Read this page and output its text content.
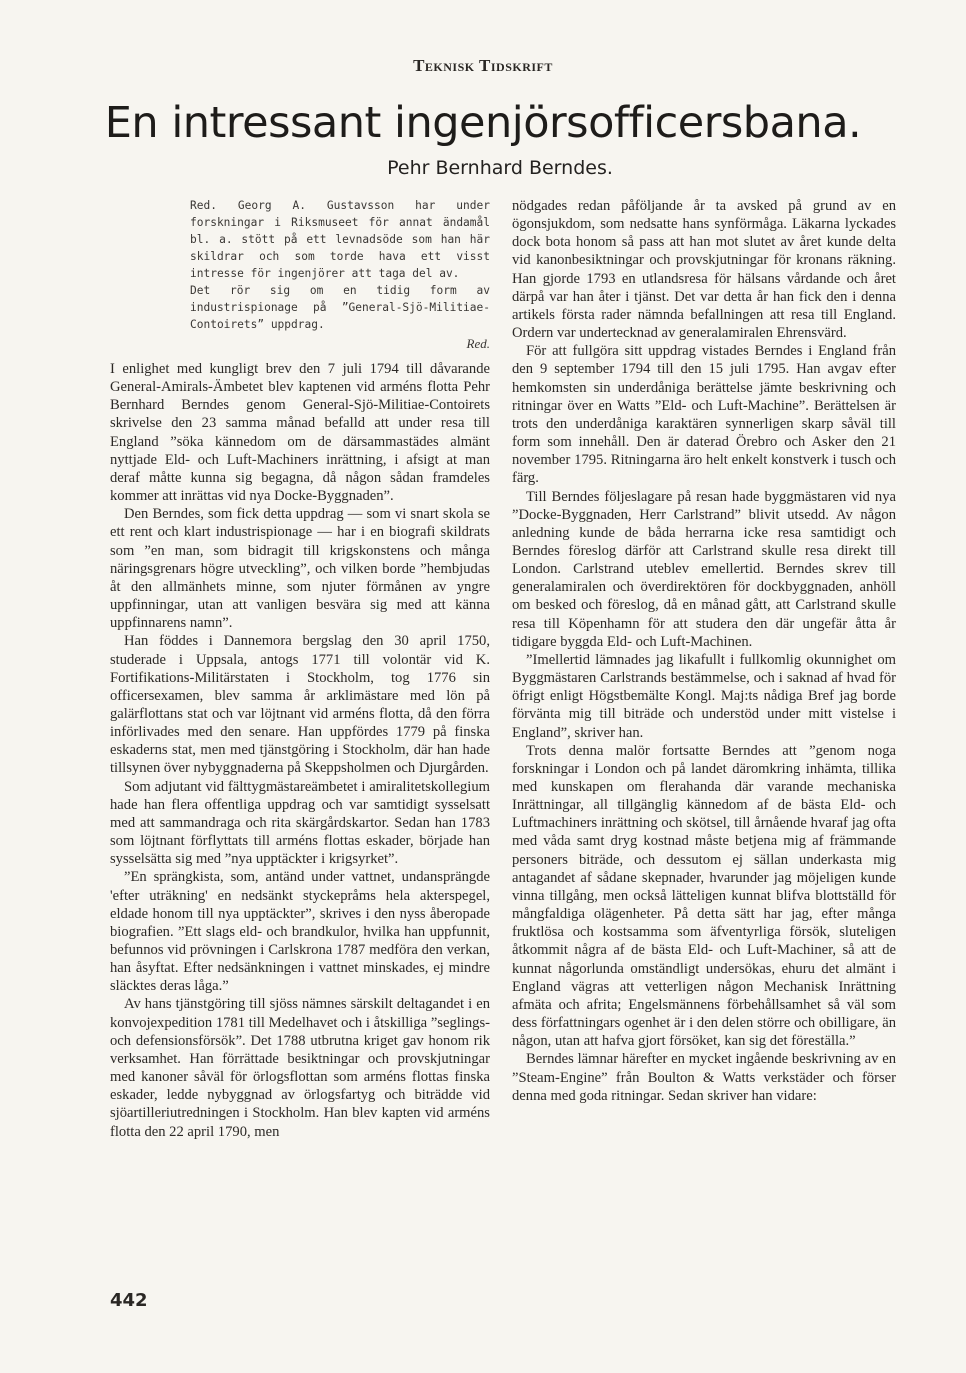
Teknisk Tidskrift
En intressant ingenjörsofficersbana.
Pehr Bernhard Berndes.

Red. Georg A. Gustavsson har under forskningar i Riksmuseet för annat ändamål bl. a. stött på ett levnadsöde som han här skildrar och som torde hava ett visst intresse för ingenjörer att taga del av.

Det rör sig om en tidig form av industrispionage på ”General-Sjö-Militiae-Contoirets” uppdrag.

Red.

I enlighet med kungligt brev den 7 juli 1794 till dåvarande General-Amirals-Ämbetet blev kaptenen vid arméns flotta Pehr Bernhard Berndes genom General-Sjö-Militiae-Contoirets skrivelse den 23 samma månad befalld att under resa till England ”söka kännedom om de därsammastädes almänt nyttjade Eld- och Luft-Machiners inrättning, i afsigt at man deraf måtte kunna sig begagna, då någon sådan framdeles kommer att inrättas vid nya Docke-Byggnaden”.

Den Berndes, som fick detta uppdrag — som vi snart skola se ett rent och klart industrispionage — har i en biografi skildrats som ”en man, som bidragit till krigskonstens och många näringsgrenars högre utveckling”, och vilken borde ”hembjudas åt den allmänhets minne, som njuter förmånen av yngre uppfinningar, utan att vanligen besvära sig med att känna uppfinnarens namn”.

Han föddes i Dannemora bergslag den 30 april 1750, studerade i Uppsala, antogs 1771 till volontär vid K. Fortifikations-Militärstaten i Stockholm, tog 1776 sin officersexamen, blev samma år arklimästare med lön på galärflottans stat och var löjtnant vid arméns flotta, då den förra införlivades med den senare. Han uppfördes 1779 på finska eskaderns stat, men med tjänstgöring i Stockholm, där han hade tillsynen över nybyggnaderna på Skeppsholmen och Djurgården.

Som adjutant vid fälttygmästareämbetet i amiralitetskollegium hade han flera offentliga uppdrag och var samtidigt sysselsatt med att sammandraga och rita skärgårdskartor. Sedan han 1783 som löjtnant förflyttats till arméns flottas eskader, började han sysselsätta sig med ”nya upptäckter i krigsyrket”.

”En sprängkista, som, antänd under vattnet, undansprängde 'efter uträkning' en nedsänkt styckepråms hela akterspegel, eldade honom till nya upptäckter”, skrives i den nyss åberopade biografien. ”Ett slags eld- och brandkulor, hvilka han uppfunnit, befunnos vid prövningen i Carlskrona 1787 medföra den verkan, han åsyftat. Efter nedsänkningen i vattnet minskades, ej mindre släcktes deras låga.”

Av hans tjänstgöring till sjöss nämnes särskilt deltagandet i en konvojexpedition 1781 till Medelhavet och i åtskilliga ”seglings- och defensionsförsök”. Det 1788 utbrutna kriget gav honom rik verksamhet. Han förrättade besiktningar och provskjutningar med kanoner såväl för örlogsflottan som arméns flottas finska eskader, ledde nybyggnad av örlogsfartyg och biträdde vid sjöartilleriutredningen i Stockholm. Han blev kapten vid arméns flotta den 22 april 1790, men

nödgades redan påföljande år ta avsked på grund av en ögonsjukdom, som nedsatte hans synförmåga. Läkarna lyckades dock bota honom så pass att han mot slutet av året kunde delta vid kanonbesiktningar och provskjutningar för kronans räkning. Han gjorde 1793 en utlandsresa för hälsans vårdande och året därpå var han åter i tjänst. Det var detta år han fick den i denna artikels första rader nämnda befallningen att resa till England. Ordern var undertecknad av generalamiralen Ehrensvärd.

För att fullgöra sitt uppdrag vistades Berndes i England från den 9 september 1794 till den 15 juli 1795. Han avgav efter hemkomsten sin underdåniga berättelse jämte beskrivning och ritningar över en Watts ”Eld- och Luft-Machine”. Berättelsen är trots den underdåniga karaktären synnerligen skarp såväl till form som innehåll. Den är daterad Örebro och Asker den 21 november 1795. Ritningarna äro helt enkelt konstverk i tusch och färg.

Till Berndes följeslagare på resan hade byggmästaren vid nya ”Docke-Byggnaden, Herr Carlstrand” blivit utsedd. Av någon anledning kunde de båda herrarna icke resa samtidigt och Berndes föreslog därför att Carlstrand skulle resa direkt till London. Carlstrand uteblev emellertid. Berndes skrev till generalamiralen och överdirektören för dockbyggnaden, anhöll om besked och föreslog, då en månad gått, att Carlstrand skulle resa till Köpenhamn för att studera den där ungefär åtta år tidigare byggda Eld- och Luft-Machinen.

”Imellertid lämnades jag likafullt i fullkomlig okunnighet om Byggmästaren Carlstrands bestämmelse, och i saknad af hvad för öfrigt enligt Högstbemälte Kongl. Maj:ts nådiga Bref jag borde förvänta mig till biträde och understöd under mitt vistelse i England”, skriver han.

Trots denna malör fortsatte Berndes att ”genom noga forskningar i London och på landet däromkring inhämta, tillika med kunskapen om flerahanda där varande mechaniska Inrättningar, all tillgänglig kännedom af de bästa Eld- och Luftmachiners inrättning och skötsel, till årnående hvaraf jag ofta med våda samt dryg kostnad måste betjena mig af främmande personers biträde, och dessutom ej sällan underkasta mig antagandet af sådane skepnader, hvarunder jag möjeligen kunde vinna tillgång, men också lätteligen kunnat blifva blottställd för mångfaldiga olägenheter. På detta sätt har jag, efter många fruktlösa och kostsamma som äfventyrliga försök, sluteligen åtkommit några af de bästa Eld- och Luft-Machiner, så att de kunnat någorlunda omständligt undersökas, ehuru det almänt i England vägras att vetterligen någon Mechanisk Inrättning afmäta och afrita; Engelsmännens förbehållsamhet så väl som dess författningars ogenhet är i den delen större och obilligare, än någon, utan att hafva gjort försöket, kan sig det föreställa.”

Berndes lämnar härefter en mycket ingående beskrivning av en ”Steam-Engine” från Boulton & Watts verkstäder och förser denna med goda ritningar. Sedan skriver han vidare:

442
